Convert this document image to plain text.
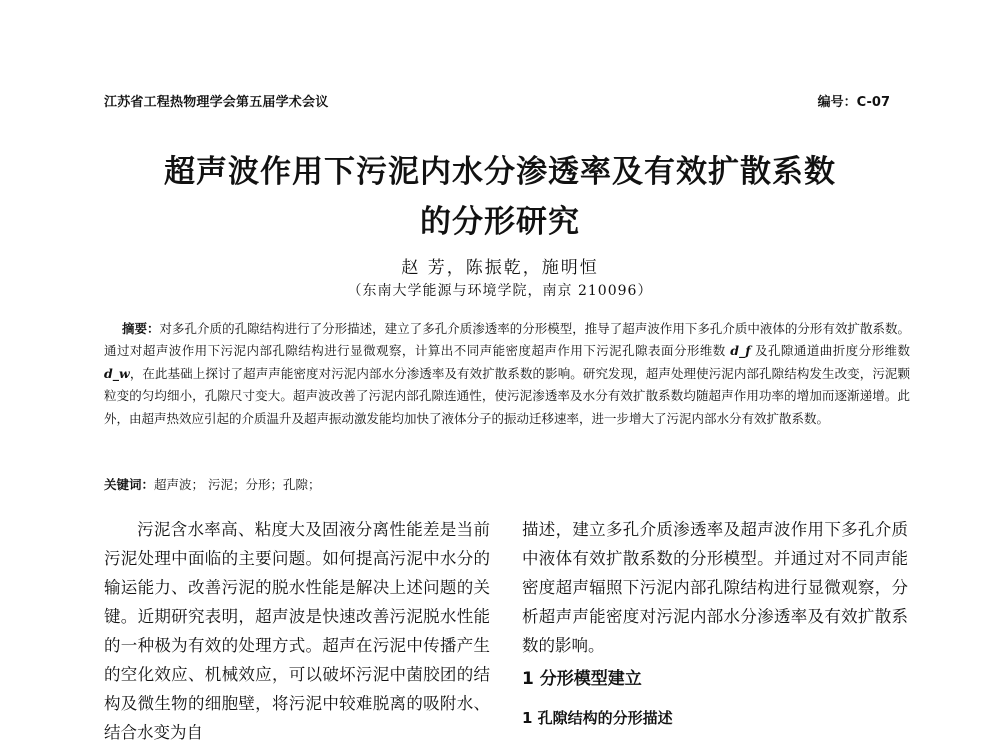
江苏省工程热物理学会第五届学术会议	编号：C-07
超声波作用下污泥内水分渗透率及有效扩散系数
的分形研究
赵 芳，陈振乾，施明恒
（东南大学能源与环境学院，南京 210096）

摘要：对多孔介质的孔隙结构进行了分形描述，建立了多孔介质渗透率的分形模型，推导了超声波作用下多孔介质中液体的分形有效扩散系数。通过对超声波作用下污泥内部孔隙结构进行显微观察，计算出不同声能密度超声作用下污泥孔隙表面分形维数 d_f 及孔隙通道曲折度分形维数 d_w，在此基础上探讨了超声声能密度对污泥内部水分渗透率及有效扩散系数的影响。研究发现，超声处理使污泥内部孔隙结构发生改变，污泥颗粒变的匀均细小，孔隙尺寸变大。超声波改善了污泥内部孔隙连通性，使污泥渗透率及水分有效扩散系数均随超声作用功率的增加而逐渐递增。此外，由超声热效应引起的介质温升及超声振动激发能均加快了液体分子的振动迁移速率，进一步增大了污泥内部水分有效扩散系数。

关键词：超声波； 污泥；分形；孔隙；

污泥含水率高、粘度大及固液分离性能差是当前污泥处理中面临的主要问题。如何提高污泥中水分的输运能力、改善污泥的脱水性能是解决上述问题的关键。近期研究表明，超声波是快速改善污泥脱水性能的一种极为有效的处理方式。超声在污泥中传播产生的空化效应、机械效应，可以破坏污泥中菌胶团的结构及微生物的细胞壁，将污泥中较难脱离的吸附水、结合水变为自

描述，建立多孔介质渗透率及超声波作用下多孔介质中液体有效扩散系数的分形模型。并通过对不同声能密度超声辐照下污泥内部孔隙结构进行显微观察，分析超声声能密度对污泥内部水分渗透率及有效扩散系数的影响。

1 分形模型建立
1 孔隙结构的分形描述
